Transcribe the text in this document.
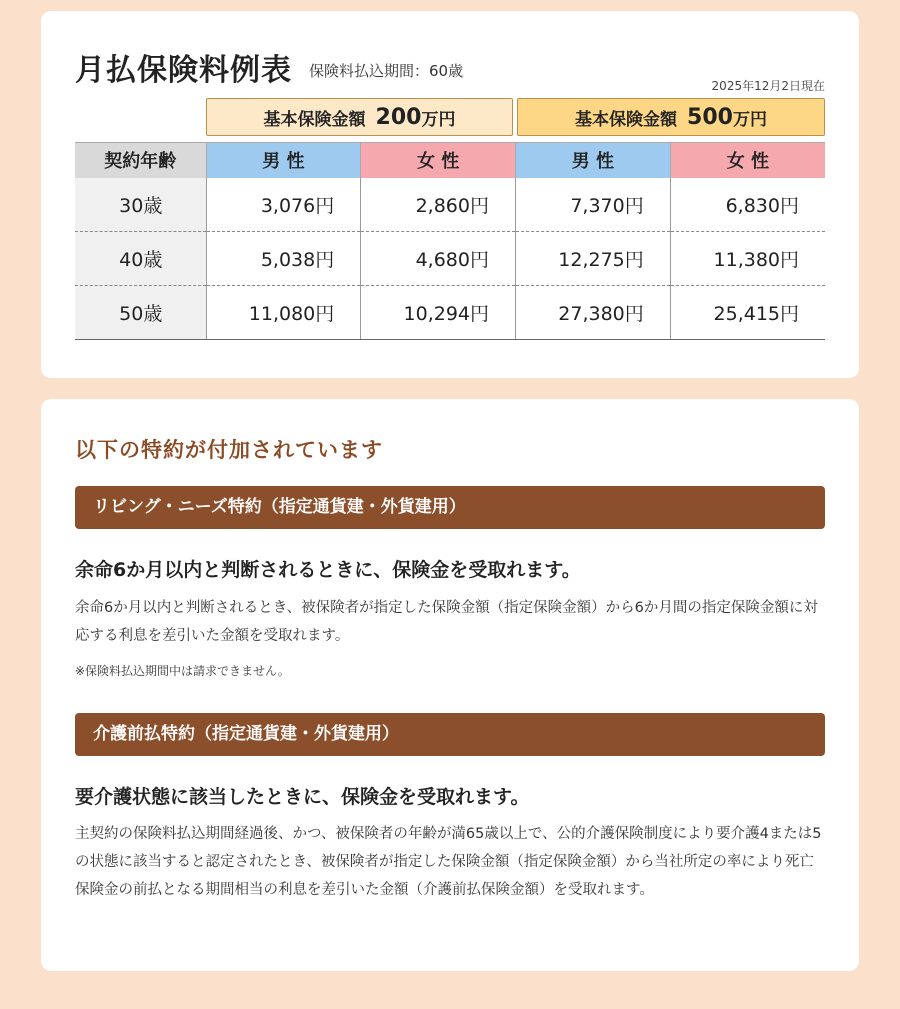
月払保険料例表 保険料払込期間：60歳
2025年12月2日現在
基本保険金額 200 万円	基本保険金額 500 万円
契約年齢	男 性	女 性	男 性	女 性
30歳	3,076円	2,860円	7,370円	6,830円
40歳	5,038円	4,680円	12,275円	11,380円
50歳	11,080円	10,294円	27,380円	25,415円
以下の特約が付加されています
リビング・ニーズ特約（指定通貨建・外貨建用）
余命6か月以内と判断されるときに、保険金を受取れます。
余命6か月以内と判断されるとき、被保険者が指定した保険金額（指定保険金額）から6か月間の指定保険金額に対応する利息を差引いた金額を受取れます。
※保険料払込期間中は請求できません。
介護前払特約（指定通貨建・外貨建用）
要介護状態に該当したときに、保険金を受取れます。
主契約の保険料払込期間経過後、かつ、被保険者の年齢が満65歳以上で、公的介護保険制度により要介護4または5の状態に該当すると認定されたとき、被保険者が指定した保険金額（指定保険金額）から当社所定の率により死亡保険金の前払となる期間相当の利息を差引いた金額（介護前払保険金額）を受取れます。
